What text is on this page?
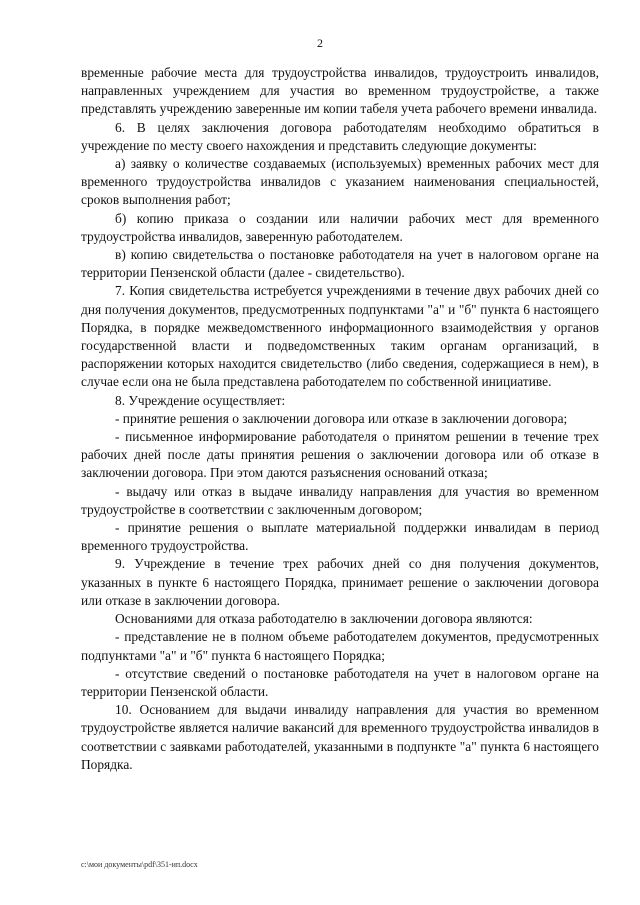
2

временные рабочие места для трудоустройства инвалидов, трудоустроить инвалидов, направленных учреждением для участия во временном трудоустройстве, а также представлять учреждению заверенные им копии табеля учета рабочего времени инвалида.

6. В целях заключения договора работодателям необходимо обратиться в учреждение по месту своего нахождения и представить следующие документы:

а) заявку о количестве создаваемых (используемых) временных рабочих мест для временного трудоустройства инвалидов с указанием наименования специальностей, сроков выполнения работ;

б) копию приказа о создании или наличии рабочих мест для временного трудоустройства инвалидов, заверенную работодателем.

в) копию свидетельства о постановке работодателя на учет в налоговом органе на территории Пензенской области (далее - свидетельство).

7. Копия свидетельства истребуется учреждениями в течение двух рабочих дней со дня получения документов, предусмотренных подпунктами "а" и "б" пункта 6 настоящего Порядка, в порядке межведомственного информационного взаимодействия у органов государственной власти и подведомственных таким органам организаций, в распоряжении которых находится свидетельство (либо сведения, содержащиеся в нем), в случае если она не была представлена работодателем по собственной инициативе.

8. Учреждение осуществляет:

- принятие решения о заключении договора или отказе в заключении договора;

- письменное информирование работодателя о принятом решении в течение трех рабочих дней после даты принятия решения о заключении договора или об отказе в заключении договора. При этом даются разъяснения оснований отказа;

- выдачу или отказ в выдаче инвалиду направления для участия во временном трудоустройстве в соответствии с заключенным договором;

- принятие решения о выплате материальной поддержки инвалидам в период временного трудоустройства.

9. Учреждение в течение трех рабочих дней со дня получения документов, указанных в пункте 6 настоящего Порядка, принимает решение о заключении договора или отказе в заключении договора.

Основаниями для отказа работодателю в заключении договора являются:

- представление не в полном объеме работодателем документов, предусмотренных подпунктами "а" и "б" пункта 6 настоящего Порядка;

- отсутствие сведений о постановке работодателя на учет в налоговом органе на территории Пензенской области.

10. Основанием для выдачи инвалиду направления для участия во временном трудоустройстве является наличие вакансий для временного трудоустройства инвалидов в соответствии с заявками работодателей, указанными в подпункте "а" пункта 6 настоящего Порядка.

c:\мои документы\pdf\351-ип.docx
